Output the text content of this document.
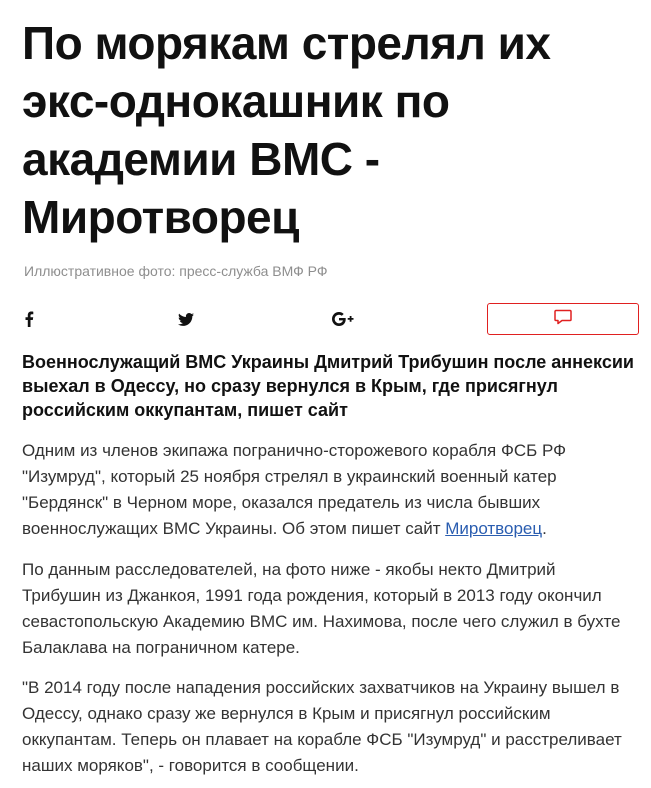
По морякам стрелял их экс-однокашник по академии ВМС - Миротворец

Иллюстративное фото: пресс-служба ВМФ РФ

Военнослужащий ВМС Украины Дмитрий Трибушин после аннексии выехал в Одессу, но сразу вернулся в Крым, где присягнул российским оккупантам, пишет сайт

Одним из членов экипажа погранично-сторожевого корабля ФСБ РФ "Изумруд", который 25 ноября стрелял в украинский военный катер "Бердянск" в Черном море, оказался предатель из числа бывших военнослужащих ВМС Украины. Об этом пишет сайт Миротворец.

По данным расследователей, на фото ниже - якобы некто Дмитрий Трибушин из Джанкоя, 1991 года рождения, который в 2013 году окончил севастопольскую Академию ВМС им. Нахимова, после чего служил в бухте Балаклава на пограничном катере.

"В 2014 году после нападения российских захватчиков на Украину вышел в Одессу, однако сразу же вернулся в Крым и присягнул российским оккупантам. Теперь он плавает на корабле ФСБ "Изумруд" и расстреливает наших моряков", - говорится в сообщении.
